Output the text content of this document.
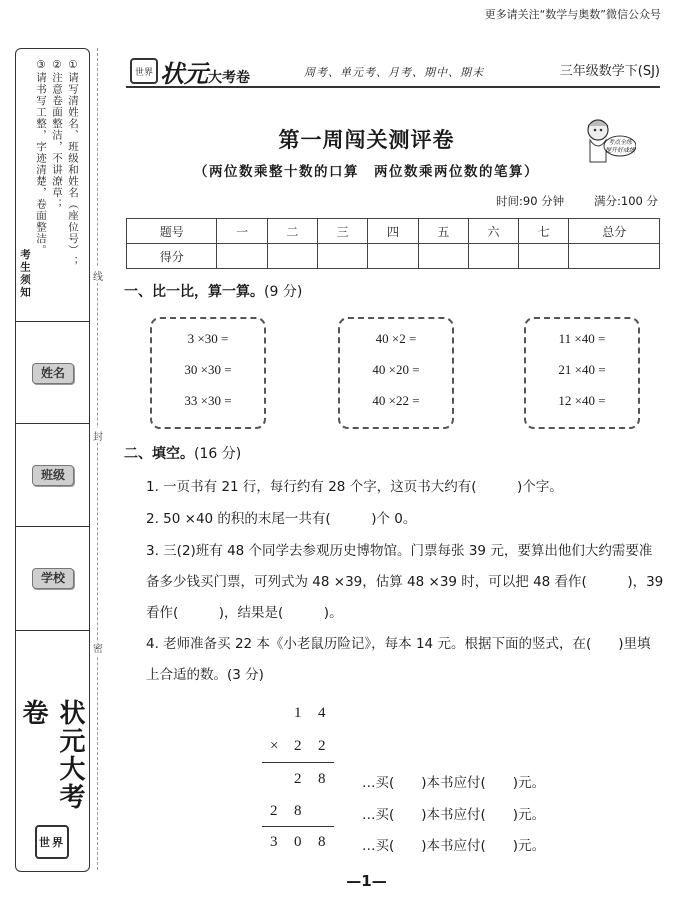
更多请关注“数学与奥数”微信公众号
①请写清姓名、班级和姓名（座位号）；
②注意卷面整洁，不讲潦草；
③请书写工整，字迹清楚，卷面整洁。
考生须知
姓名
班级
学校
状元大考卷
世界
线
封
密
世界 状元大考卷	周考、单元考、月考、期中、期末	三年级数学下(SJ)
第一周闯关测评卷
（两位数乘整十数的口算　两位数乘两位数的笔算）
考点全练
提升好成绩
时间:90 分钟	满分:100 分
题号	一	二	三	四	五	六	七	总分
得分								
一、比一比，算一算。(9 分)
3 ×30 =
30 ×30 =
33 ×30 =
40 ×2 =
40 ×20 =
40 ×22 =
11 ×40 =
21 ×40 =
12 ×40 =
二、填空。(16 分)
1. 一页书有 21 行，每行约有 28 个字，这页书大约有(　　　)个字。
2. 50 ×40 的积的末尾一共有(　　　)个 0。
3. 三(2)班有 48 个同学去参观历史博物馆。门票每张 39 元，要算出他们大约需要准
备多少钱买门票，可列式为 48 ×39，估算 48 ×39 时，可以把 48 看作(　　　)，39
看作(　　　)，结果是(　　　)。
4. 老师准备买 22 本《小老鼠历险记》，每本 14 元。根据下面的竖式，在(　　)里填
上合适的数。(3 分)
1 4
× 2 2
2 8
2 8
3 0 8
…买(　　)本书应付(　　)元。
…买(　　)本书应付(　　)元。
…买(　　)本书应付(　　)元。
—1—
